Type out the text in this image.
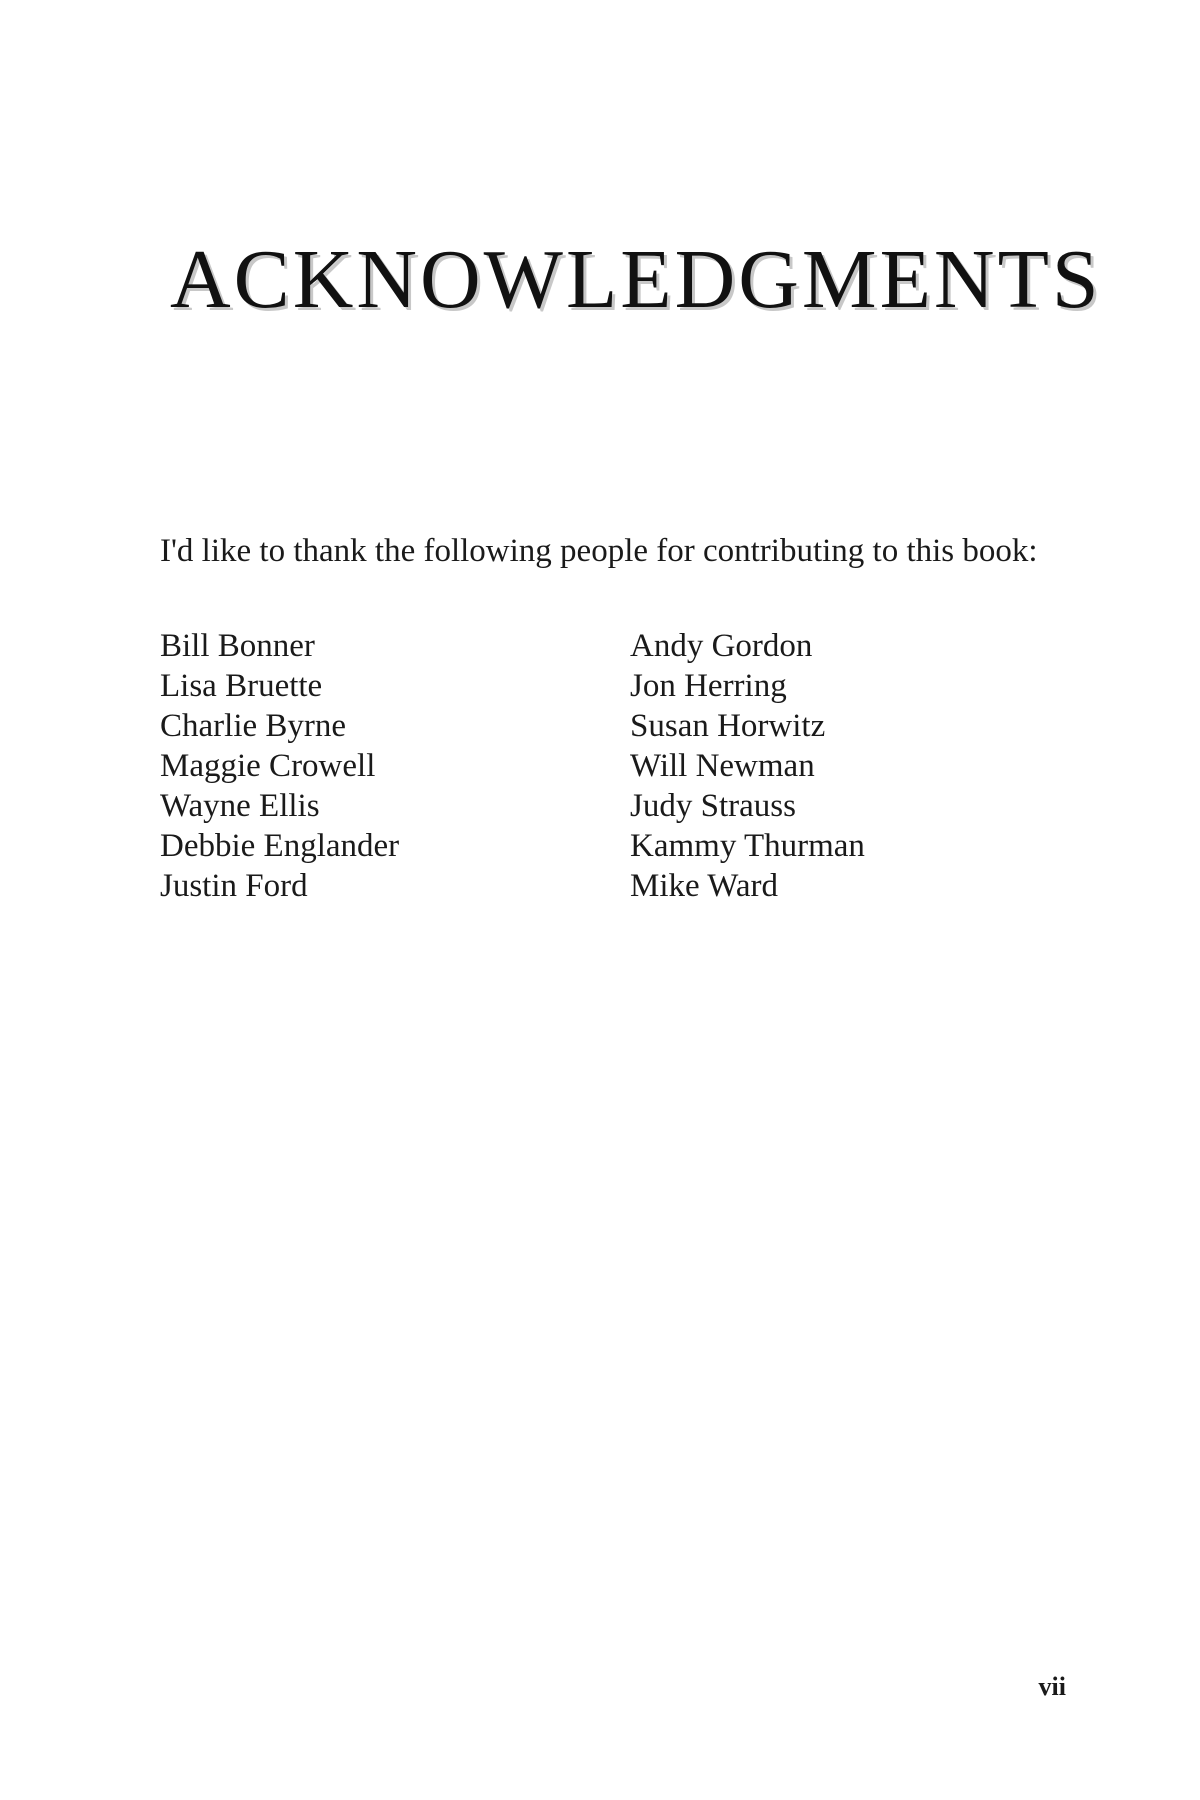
ACKNOWLEDGMENTS

I'd like to thank the following people for contributing to this book:

Bill Bonner
Lisa Bruette
Charlie Byrne
Maggie Crowell
Wayne Ellis
Debbie Englander
Justin Ford
Andy Gordon
Jon Herring
Susan Horwitz
Will Newman
Judy Strauss
Kammy Thurman
Mike Ward
vii
